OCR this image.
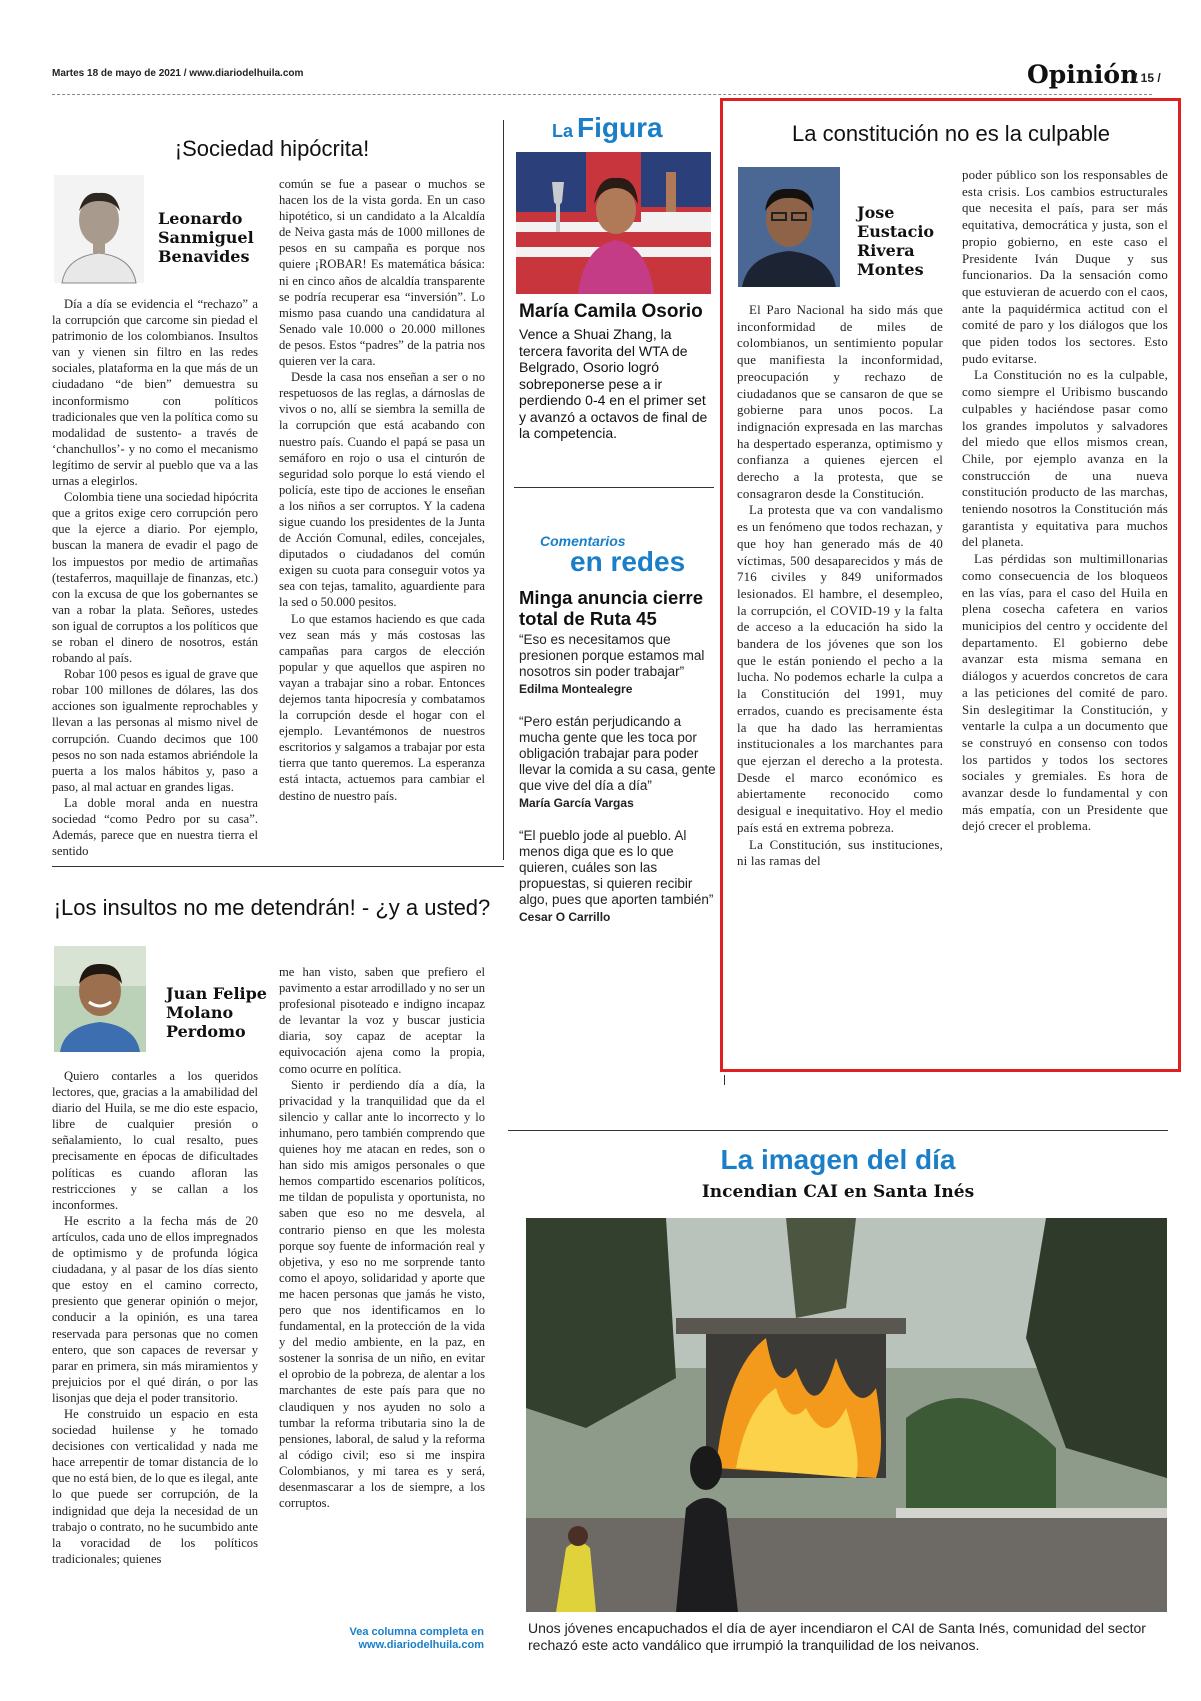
Martes 18 de mayo de 2021 / www.diariodelhuila.com	Opinión
/ 15 /
¡Sociedad hipócrita!
Leonardo Sanmiguel Benavides

Día a día se evidencia el “rechazo” a la corrupción que carcome sin piedad el patrimonio de los colombianos. Insultos van y vienen sin filtro en las redes sociales, plataforma en la que más de un ciudadano “de bien” demuestra su inconformismo con políticos tradicionales que ven la política como su modalidad de sustento- a través de ‘chanchullos’- y no como el mecanismo legítimo de servir al pueblo que va a las urnas a elegirlos.

Colombia tiene una sociedad hipócrita que a gritos exige cero corrupción pero que la ejerce a diario. Por ejemplo, buscan la manera de evadir el pago de los impuestos por medio de artimañas (testaferros, maquillaje de finanzas, etc.) con la excusa de que los gobernantes se van a robar la plata. Señores, ustedes son igual de corruptos a los políticos que se roban el dinero de nosotros, están robando al país.

Robar 100 pesos es igual de grave que robar 100 millones de dólares, las dos acciones son igualmente reprochables y llevan a las personas al mismo nivel de corrupción. Cuando decimos que 100 pesos no son nada estamos abriéndole la puerta a los malos hábitos y, paso a paso, al mal actuar en grandes ligas.

La doble moral anda en nuestra sociedad “como Pedro por su casa”. Además, parece que en nuestra tierra el sentido

común se fue a pasear o muchos se hacen los de la vista gorda. En un caso hipotético, si un candidato a la Alcaldía de Neiva gasta más de 1000 millones de pesos en su campaña es porque nos quiere ¡ROBAR! Es matemática básica: ni en cinco años de alcaldía transparente se podría recuperar esa “inversión”. Lo mismo pasa cuando una candidatura al Senado vale 10.000 o 20.000 millones de pesos. Estos “padres” de la patria nos quieren ver la cara.

Desde la casa nos enseñan a ser o no respetuosos de las reglas, a dárnoslas de vivos o no, allí se siembra la semilla de la corrupción que está acabando con nuestro país. Cuando el papá se pasa un semáforo en rojo o usa el cinturón de seguridad solo porque lo está viendo el policía, este tipo de acciones le enseñan a los niños a ser corruptos. Y la cadena sigue cuando los presidentes de la Junta de Acción Comunal, ediles, concejales, diputados o ciudadanos del común exigen su cuota para conseguir votos ya sea con tejas, tamalito, aguardiente para la sed o 50.000 pesitos.

Lo que estamos haciendo es que cada vez sean más y más costosas las campañas para cargos de elección popular y que aquellos que aspiren no vayan a trabajar sino a robar. Entonces dejemos tanta hipocresía y combatamos la corrupción desde el hogar con el ejemplo. Levantémonos de nuestros escritorios y salgamos a trabajar por esta tierra que tanto queremos. La esperanza está intacta, actuemos para cambiar el destino de nuestro país.

¡Los insultos no me detendrán! - ¿y a usted?
Juan Felipe Molano Perdomo

Quiero contarles a los queridos lectores, que, gracias a la amabilidad del diario del Huila, se me dio este espacio, libre de cualquier presión o señalamiento, lo cual resalto, pues precisamente en épocas de dificultades políticas es cuando afloran las restricciones y se callan a los inconformes.

He escrito a la fecha más de 20 artículos, cada uno de ellos impregnados de optimismo y de profunda lógica ciudadana, y al pasar de los días siento que estoy en el camino correcto, presiento que generar opinión o mejor, conducir a la opinión, es una tarea reservada para personas que no comen entero, que son capaces de reversar y parar en primera, sin más miramientos y prejuicios por el qué dirán, o por las lisonjas que deja el poder transitorio.

He construido un espacio en esta sociedad huilense y he tomado decisiones con verticalidad y nada me hace arrepentir de tomar distancia de lo que no está bien, de lo que es ilegal, ante lo que puede ser corrupción, de la indignidad que deja la necesidad de un trabajo o contrato, no he sucumbido ante la voracidad de los políticos tradicionales; quienes

me han visto, saben que prefiero el pavimento a estar arrodillado y no ser un profesional pisoteado e indigno incapaz de levantar la voz y buscar justicia diaria, soy capaz de aceptar la equivocación ajena como la propia, como ocurre en política.

Siento ir perdiendo día a día, la privacidad y la tranquilidad que da el silencio y callar ante lo incorrecto y lo inhumano, pero también comprendo que quienes hoy me atacan en redes, son o han sido mis amigos personales o que hemos compartido escenarios políticos, me tildan de populista y oportunista, no saben que eso no me desvela, al contrario pienso en que les molesta porque soy fuente de información real y objetiva, y eso no me sorprende tanto como el apoyo, solidaridad y aporte que me hacen personas que jamás he visto, pero que nos identificamos en lo fundamental, en la protección de la vida y del medio ambiente, en la paz, en sostener la sonrisa de un niño, en evitar el oprobio de la pobreza, de alentar a los marchantes de este país para que no claudiquen y nos ayuden no solo a tumbar la reforma tributaria sino la de pensiones, laboral, de salud y la reforma al código civil; eso si me inspira Colombianos, y mi tarea es y será, desenmascarar a los de siempre, a los corruptos.

Vea columna completa en www.diariodelhuila.com
La Figura
María Camila Osorio
Vence a Shuai Zhang, la tercera favorita del WTA de Belgrado, Osorio logró sobreponerse pese a ir perdiendo 0-4 en el primer set y avanzó a octavos de final de la competencia.
Comentarios
en redes
Minga anuncia cierre total de Ruta 45
“Eso es necesitamos que presionen porque estamos mal nosotros sin poder trabajar”
Edilma Montealegre
“Pero están perjudicando a mucha gente que les toca por obligación trabajar para poder llevar la comida a su casa, gente que vive del día a día”
María García Vargas
“El pueblo jode al pueblo. Al menos diga que es lo que quieren, cuáles son las propuestas, si quieren recibir algo, pues que aporten también”
Cesar O Carrillo
La constitución no es la culpable
Jose Eustacio Rivera Montes

El Paro Nacional ha sido más que inconformidad de miles de colombianos, un sentimiento popular que manifiesta la inconformidad, preocupación y rechazo de ciudadanos que se cansaron de que se gobierne para unos pocos. La indignación expresada en las marchas ha despertado esperanza, optimismo y confianza a quienes ejercen el derecho a la protesta, que se consagraron desde la Constitución.

La protesta que va con vandalismo es un fenómeno que todos rechazan, y que hoy han generado más de 40 víctimas, 500 desaparecidos y más de 716 civiles y 849 uniformados lesionados. El hambre, el desempleo, la corrupción, el COVID-19 y la falta de acceso a la educación ha sido la bandera de los jóvenes que son los que le están poniendo el pecho a la lucha. No podemos echarle la culpa a la Constitución del 1991, muy errados, cuando es precisamente ésta la que ha dado las herramientas institucionales a los marchantes para que ejerzan el derecho a la protesta. Desde el marco económico es abiertamente reconocido como desigual e inequitativo. Hoy el medio país está en extrema pobreza.

La Constitución, sus instituciones, ni las ramas del

poder público son los responsables de esta crisis. Los cambios estructurales que necesita el país, para ser más equitativa, democrática y justa, son el propio gobierno, en este caso el Presidente Iván Duque y sus funcionarios. Da la sensación como que estuvieran de acuerdo con el caos, ante la paquidérmica actitud con el comité de paro y los diálogos que los que piden todos los sectores. Esto pudo evitarse.

La Constitución no es la culpable, como siempre el Uribismo buscando culpables y haciéndose pasar como los grandes impolutos y salvadores del miedo que ellos mismos crean, Chile, por ejemplo avanza en la construcción de una nueva constitución producto de las marchas, teniendo nosotros la Constitución más garantista y equitativa para muchos del planeta.

Las pérdidas son multimillonarias como consecuencia de los bloqueos en las vías, para el caso del Huila en plena cosecha cafetera en varios municipios del centro y occidente del departamento. El gobierno debe avanzar esta misma semana en diálogos y acuerdos concretos de cara a las peticiones del comité de paro. Sin deslegitimar la Constitución, y ventarle la culpa a un documento que se construyó en consenso con todos los partidos y todos los sectores sociales y gremiales. Es hora de avanzar desde lo fundamental y con más empatía, con un Presidente que dejó crecer el problema.

La imagen del día
Incendian CAI en Santa Inés
Unos jóvenes encapuchados el día de ayer incendiaron el CAI de Santa Inés, comunidad del sector rechazó este acto vandálico que irrumpió la tranquilidad de los neivanos.
